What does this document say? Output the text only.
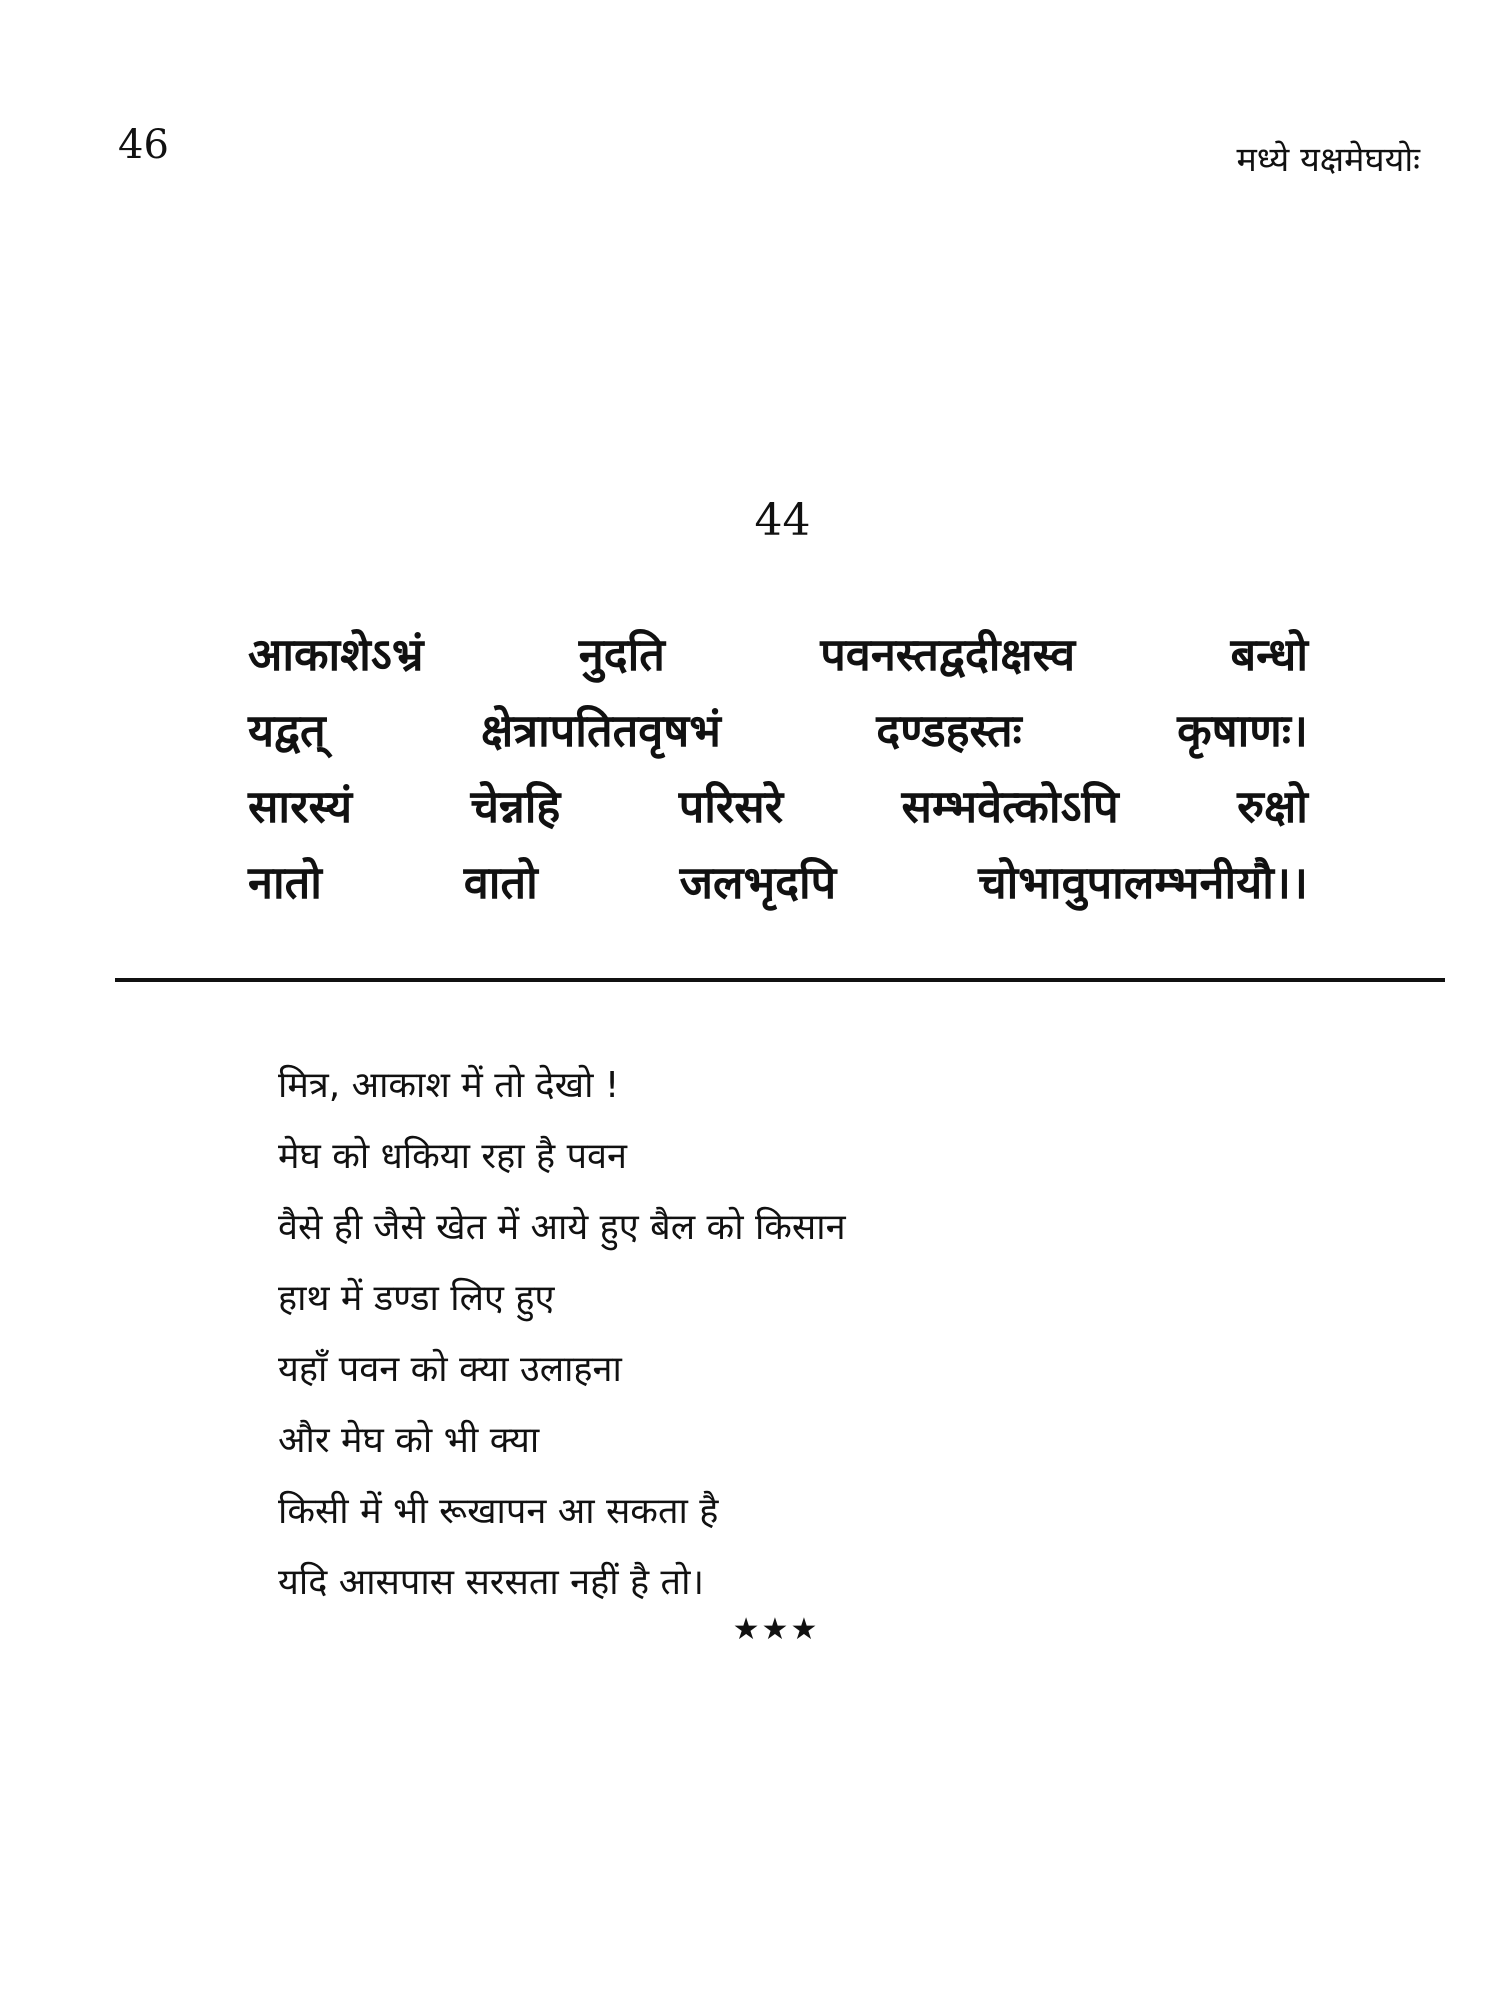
46	मध्ये यक्षमेघयोः
44
आकाशेऽभ्रं	नुदति	पवनस्तद्वदीक्षस्व	बन्धो
यद्वत्	क्षेत्रापतितवृषभं	दण्डहस्तः	कृषाणः।
सारस्यं	चेन्नहि	परिसरे	सम्भवेत्कोऽपि	रुक्षो
नातो	वातो	जलभृदपि	चोभावुपालम्भनीयौ।।
मित्र, आकाश में तो देखो !
मेघ को धकिया रहा है पवन
वैसे ही जैसे खेत में आये हुए बैल को किसान
हाथ में डण्डा लिए हुए
यहाँ पवन को क्या उलाहना
और मेघ को भी क्या
किसी में भी रूखापन आ सकता है
यदि आसपास सरसता नहीं है तो।
★★★
